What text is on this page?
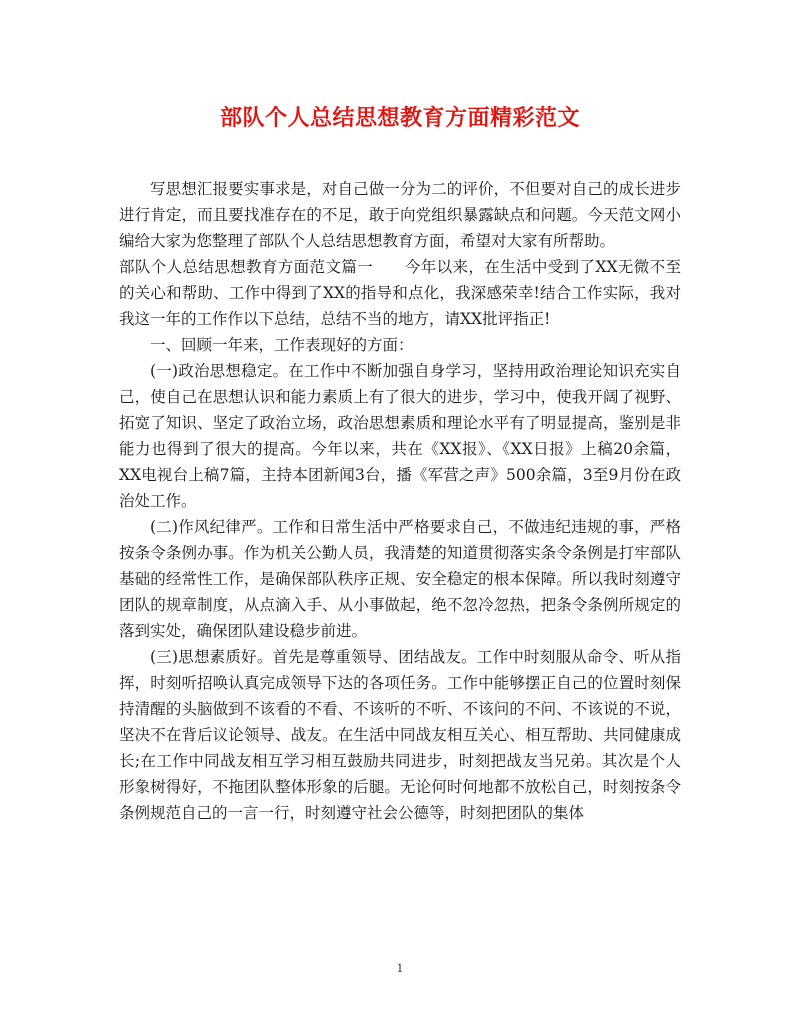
部队个人总结思想教育方面精彩范文

写思想汇报要实事求是，对自己做一分为二的评价，不但要对自己的成长进步进行肯定，而且要找准存在的不足，敢于向党组织暴露缺点和问题。今天范文网小编给大家为您整理了部队个人总结思想教育方面，希望对大家有所帮助。

部队个人总结思想教育方面范文篇一　　今年以来，在生活中受到了XX无微不至的关心和帮助、工作中得到了XX的指导和点化，我深感荣幸!结合工作实际，我对我这一年的工作作以下总结，总结不当的地方，请XX批评指正!

一、回顾一年来，工作表现好的方面：

(一)政治思想稳定。在工作中不断加强自身学习，坚持用政治理论知识充实自己，使自己在思想认识和能力素质上有了很大的进步，学习中，使我开阔了视野、拓宽了知识、坚定了政治立场，政治思想素质和理论水平有了明显提高，鉴别是非能力也得到了很大的提高。今年以来，共在《XX报》、《XX日报》上稿20余篇，XX电视台上稿7篇，主持本团新闻3台，播《军营之声》500余篇，3至9月份在政治处工作。

(二)作风纪律严。工作和日常生活中严格要求自己，不做违纪违规的事，严格按条令条例办事。作为机关公勤人员，我清楚的知道贯彻落实条令条例是打牢部队基础的经常性工作，是确保部队秩序正规、安全稳定的根本保障。所以我时刻遵守团队的规章制度，从点滴入手、从小事做起，绝不忽冷忽热，把条令条例所规定的落到实处，确保团队建设稳步前进。

(三)思想素质好。首先是尊重领导、团结战友。工作中时刻服从命令、听从指挥，时刻听招唤认真完成领导下达的各项任务。工作中能够摆正自己的位置时刻保持清醒的头脑做到不该看的不看、不该听的不听、不该问的不问、不该说的不说，坚决不在背后议论领导、战友。在生活中同战友相互关心、相互帮助、共同健康成长;在工作中同战友相互学习相互鼓励共同进步，时刻把战友当兄弟。其次是个人形象树得好，不拖团队整体形象的后腿。无论何时何地都不放松自己，时刻按条令条例规范自己的一言一行，时刻遵守社会公德等，时刻把团队的集体

1
